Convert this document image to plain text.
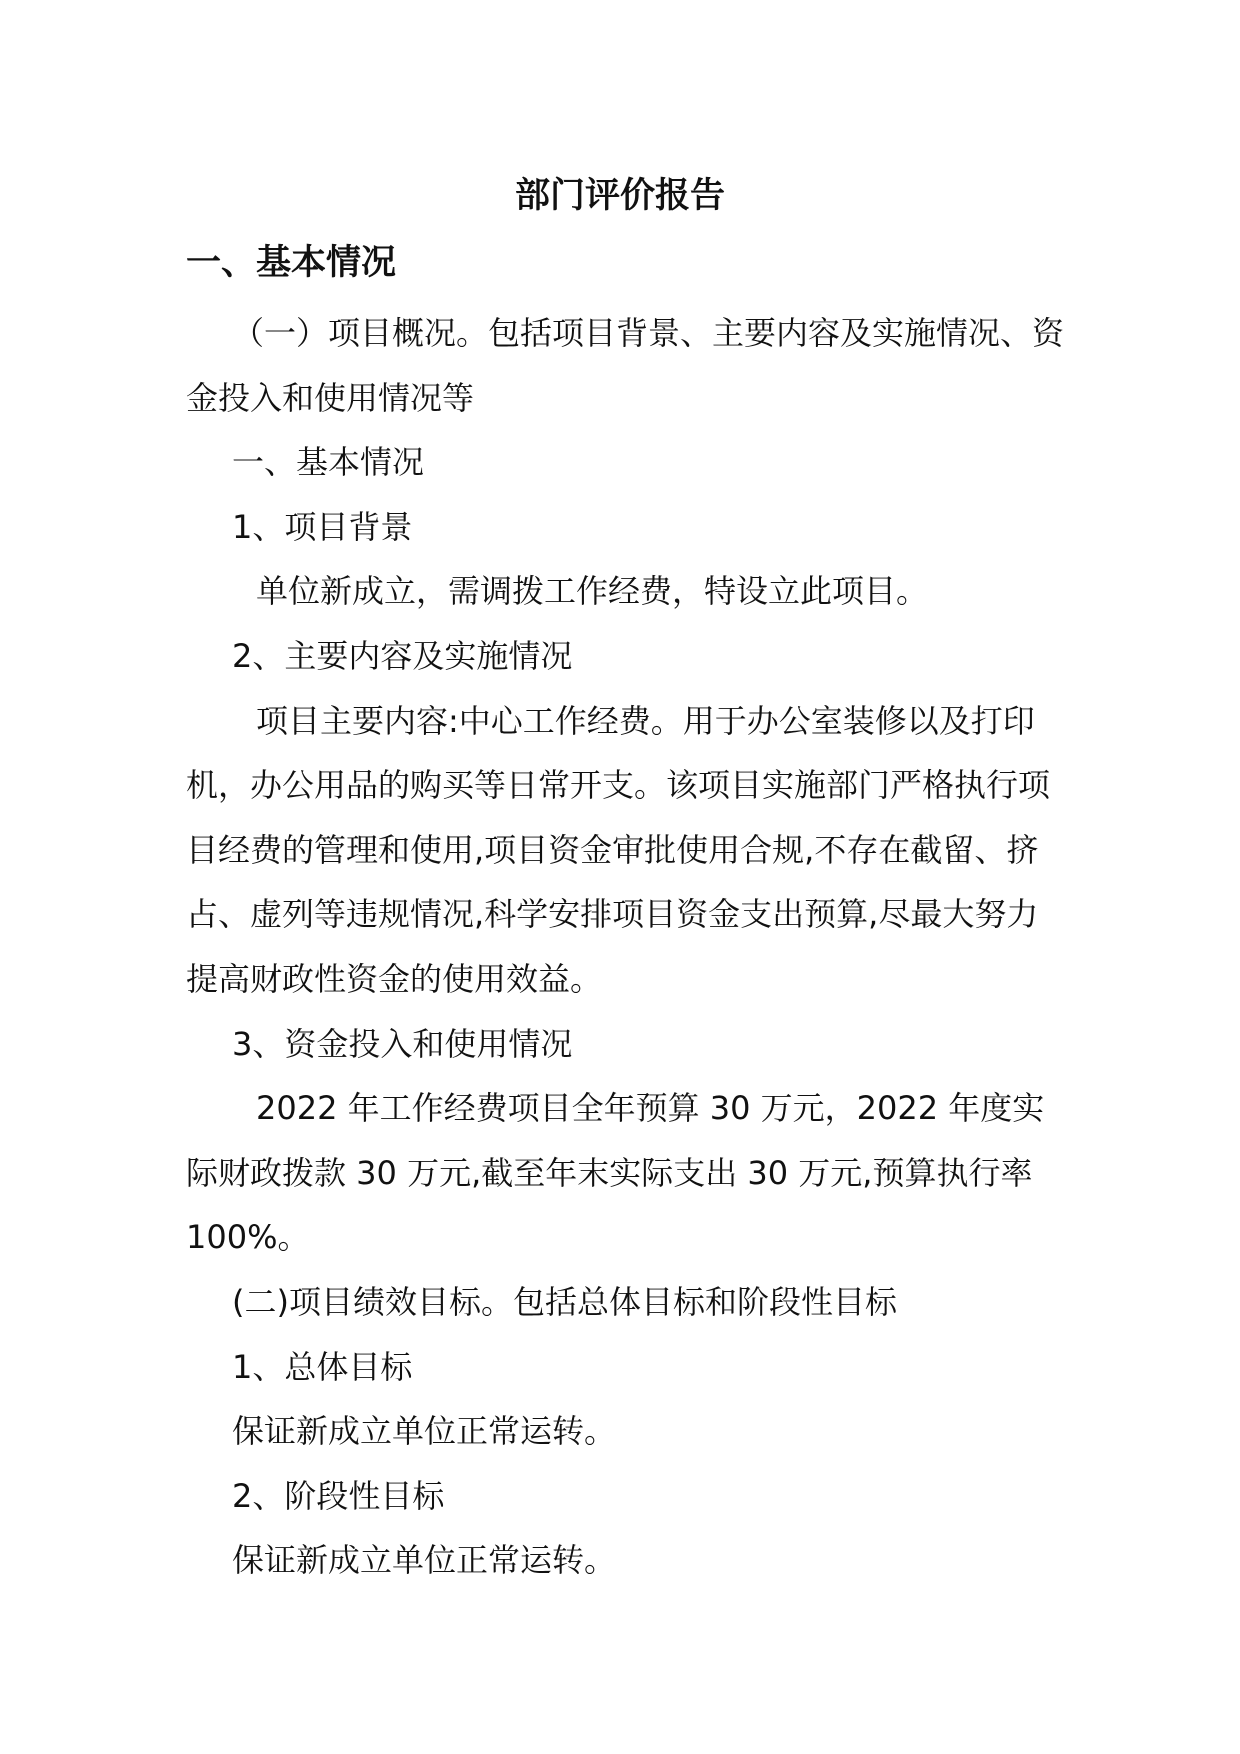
部门评价报告
一、基本情况

（一）项目概况。包括项目背景、主要内容及实施情况、资金投入和使用情况等

一、基本情况

1、项目背景

单位新成立，需调拨工作经费，特设立此项目。

2、主要内容及实施情况

项目主要内容:中心工作经费。用于办公室装修以及打印机，办公用品的购买等日常开支。该项目实施部门严格执行项目经费的管理和使用,项目资金审批使用合规,不存在截留、挤占、虚列等违规情况,科学安排项目资金支出预算,尽最大努力提高财政性资金的使用效益。

3、资金投入和使用情况

2022 年工作经费项目全年预算 30 万元，2022 年度实际财政拨款 30 万元,截至年末实际支出 30 万元,预算执行率 100%。

(二)项目绩效目标。包括总体目标和阶段性目标

1、总体目标

保证新成立单位正常运转。

2、阶段性目标

保证新成立单位正常运转。
